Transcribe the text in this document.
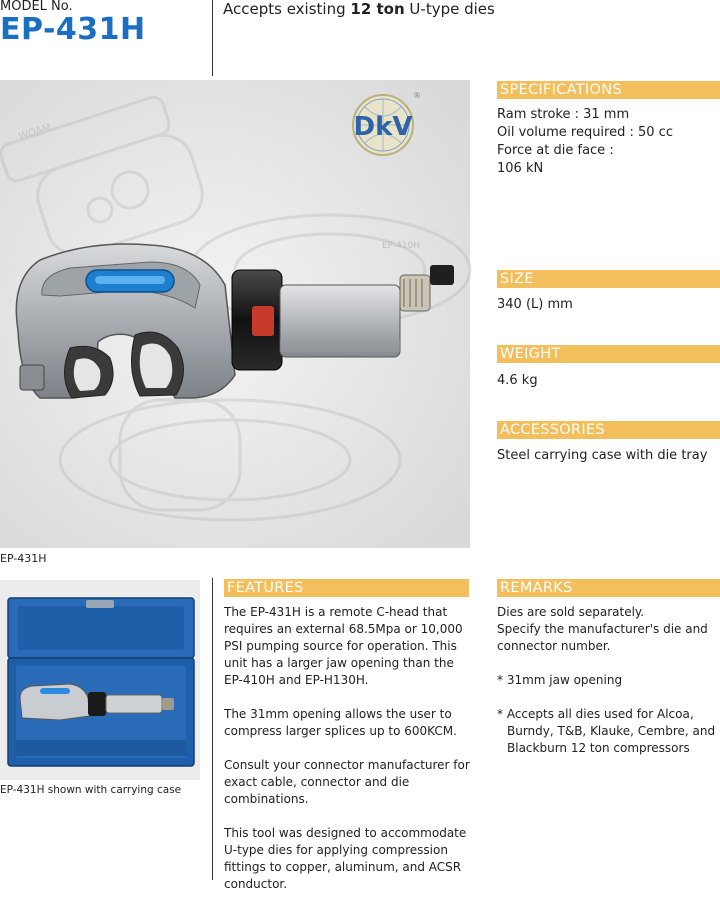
MODEL No.
EP-431H
Accepts existing 12 ton U-type dies
EP-410H
WOAM	DkV
®
EP-431H
EP-431H shown with carrying case
SPECIFICATIONS
Ram stroke : 31 mm
Oil volume required : 50 cc
Force at die face :
106 kN
SIZE
340 (L) mm
WEIGHT
4.6 kg
ACCESSORIES
Steel carrying case with die tray
FEATURES
The EP-431H is a remote C-head that requires an external 68.5Mpa or 10,000 PSI pumping source for operation. This unit has a larger jaw opening than the EP-410H and EP-H130H.
The 31mm opening allows the user to compress larger splices up to 600KCM.
Consult your connector manufacturer for exact cable, connector and die combinations.
This tool was designed to accommodate U-type dies for applying compression fittings to copper, aluminum, and ACSR conductor.
REMARKS
Dies are sold separately.
Specify the manufacturer's die and connector number.
* 31mm jaw opening
* Accepts all dies used for Alcoa,
Burndy, T&B, Klauke, Cembre, and
Blackburn 12 ton compressors
